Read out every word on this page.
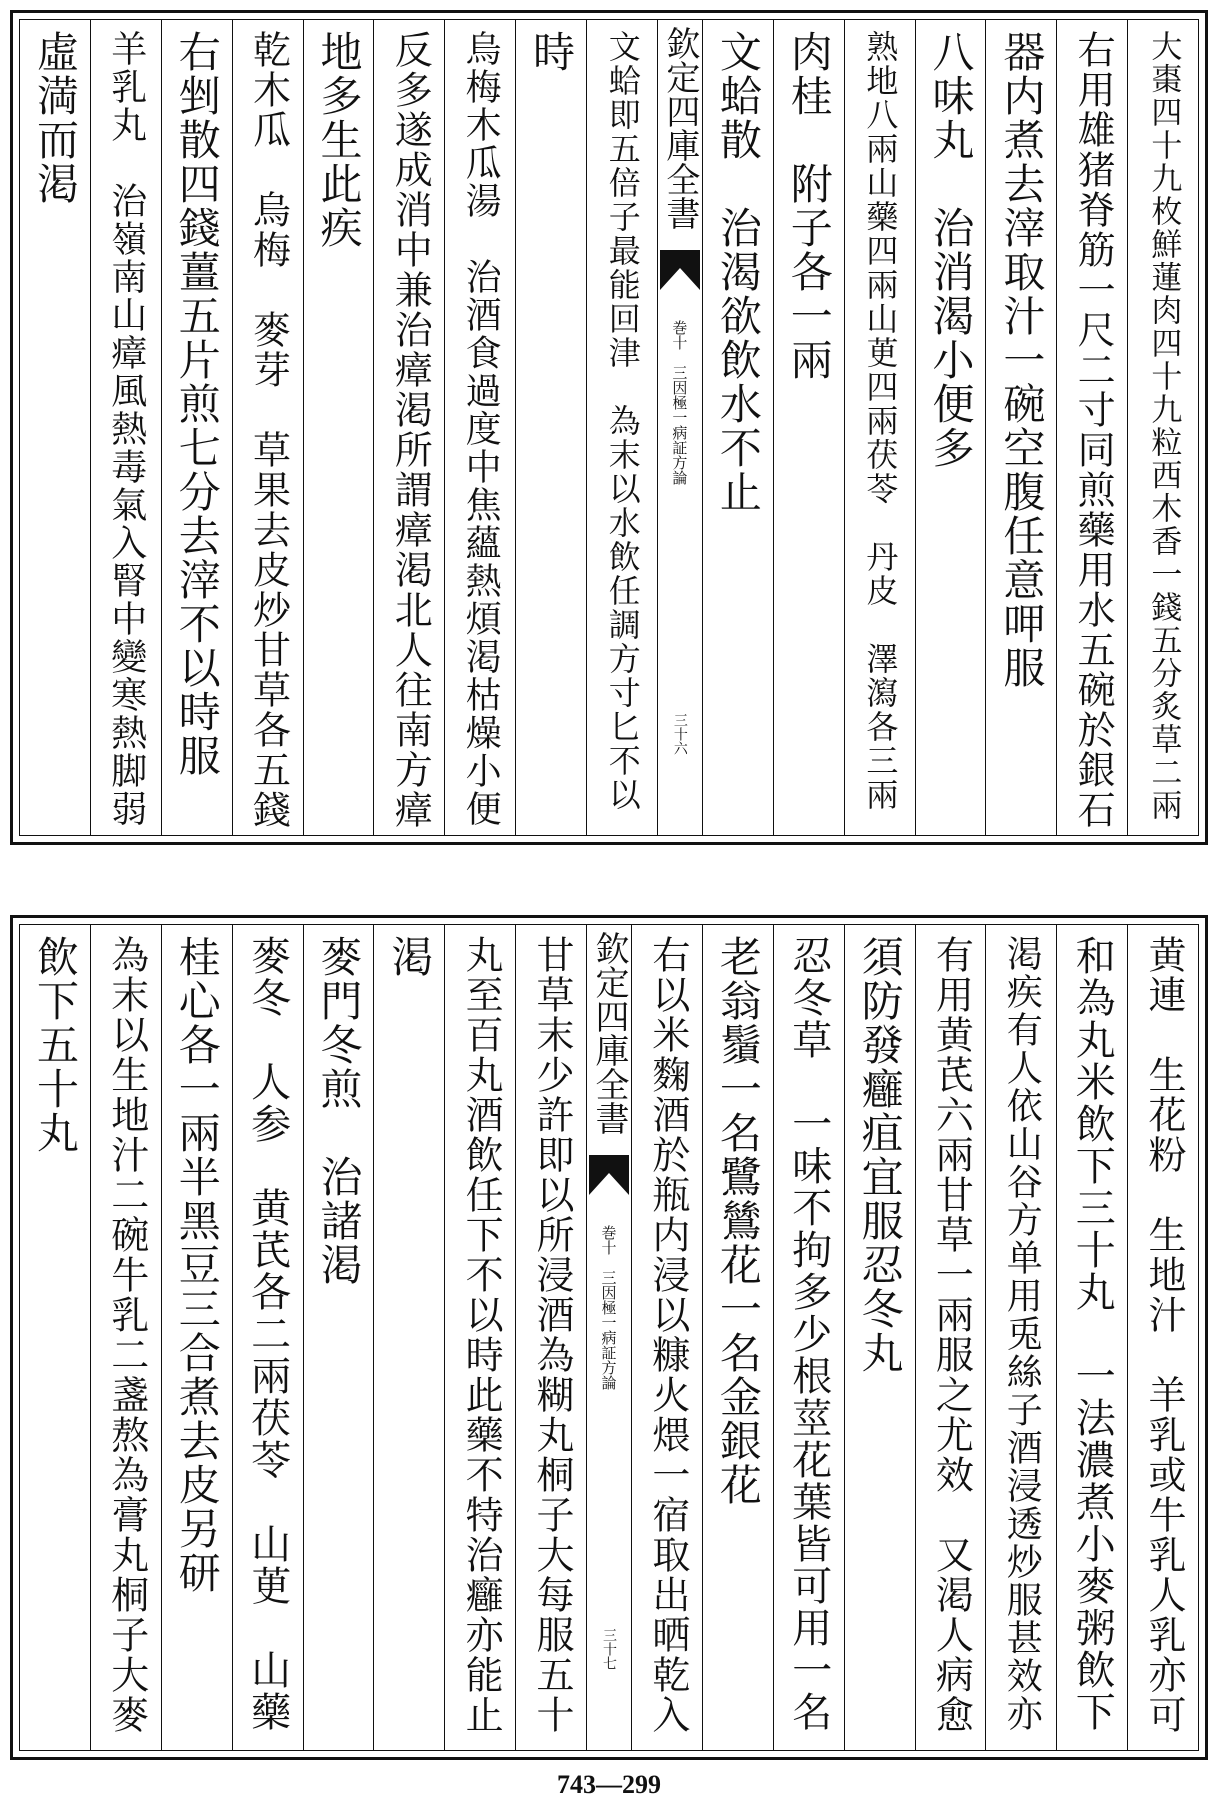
大棗四十九枚鮮蓮肉四十九粒西木香一錢五分炙草二兩
右用雄猪脊筋一尺二寸同煎藥用水五碗於銀石
器内煮去滓取汁一碗空腹任意呷服
八味丸　治消渴小便多
熟地八兩山藥四兩山茰四兩茯苓　丹皮　澤瀉各三兩
肉桂　附子各一兩
文蛤散　治渴欲飲水不止
欽定四庫全書
巻十　三因極一病証方論
三十六
文蛤即五倍子最能回津　為末以水飲任調方寸匕不以
時
烏梅木瓜湯　治酒食過度中焦蘊熱煩渇枯燥小便
反多遂成消中兼治瘴渇所謂瘴渇北人往南方瘴
地多生此疾
乾木瓜　烏梅　麥芽　草果去皮炒甘草各五錢
右剉散四錢薑五片煎七分去滓不以時服
羊乳丸　治嶺南山瘴風熱毒氣入腎中變寒熱脚弱
虛満而渇
黄連　生花粉　生地汁　羊乳或牛乳人乳亦可
和為丸米飲下三十丸　一法濃煮小麥粥飲下
渇疾有人依山谷方单用兎絲子酒浸透炒服甚效亦
有用黄芪六兩甘草一兩服之尤效　又渇人病愈
須防發癰疽宜服忍冬丸
忍冬草　一味不拘多少根莖花葉皆可用一名
老翁鬚一名鷺鷥花一名金銀花
右以米麴酒於瓶内浸以糠火煨一宿取出晒乾入
欽定四庫全書
巻十　三因極一病証方論
三十七
甘草末少許即以所浸酒為糊丸桐子大每服五十
丸至百丸酒飲任下不以時此藥不特治癰亦能止
渇
麥門冬煎　治諸渇
麥冬　人参　黄芪各二兩茯苓　山茰　山藥
桂心各一兩半黑豆三合煮去皮另研
為末以生地汁二碗牛乳二盞熬為膏丸桐子大麥
飲下五十丸
743—299
